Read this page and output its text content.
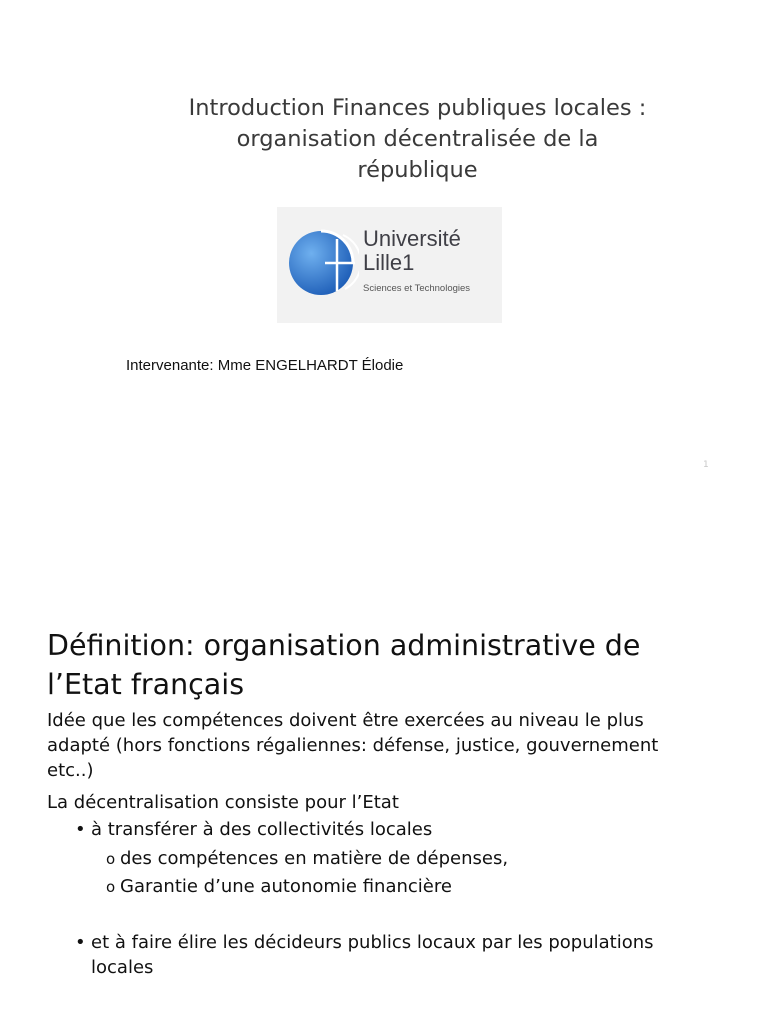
Introduction Finances publiques locales :
organisation décentralisée de la
république
Université
Lille1
Sciences et Technologies
Intervenante: Mme ENGELHARDT Élodie
1
Définition: organisation administrative de
l’Etat français

Idée que les compétences doivent être exercées au niveau le plus adapté (hors fonctions régaliennes: défense, justice, gouvernement etc..)

La décentralisation consiste pour l’Etat

• à transférer à des collectivités locales
o des compétences en matière de dépenses,
o Garantie d’une autonomie financière
• et à faire élire les décideurs publics locaux par les populations
locales
